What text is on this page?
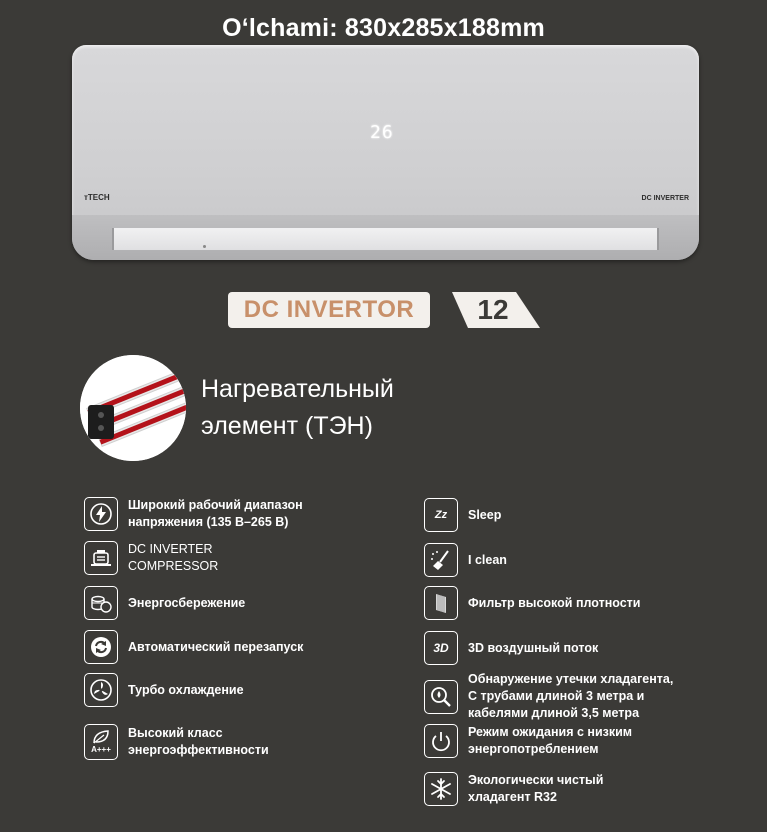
O‘lchami: 830x285x188mm
26
ᴛTECH	DC INVERTER
DC INVERTOR	12
Нагревательный
элемент (ТЭН)
Широкий рабочий диапазон
напряжения (135 В–265 В)
DC INVERTER
COMPRESSOR
Энергосбережение
Автоматический перезапуск
Турбо охлаждение
A+++
Высокий класс
энергоэффективности
Zz Sleep
I clean
Фильтр высокой плотности
3D 3D воздушный поток
Обнаружение утечки хладагента,
С трубами длиной 3 метра и
кабелями длиной 3,5 метра
Режим ожидания с низким
энергопотреблением
Экологически чистый
хладагент R32
